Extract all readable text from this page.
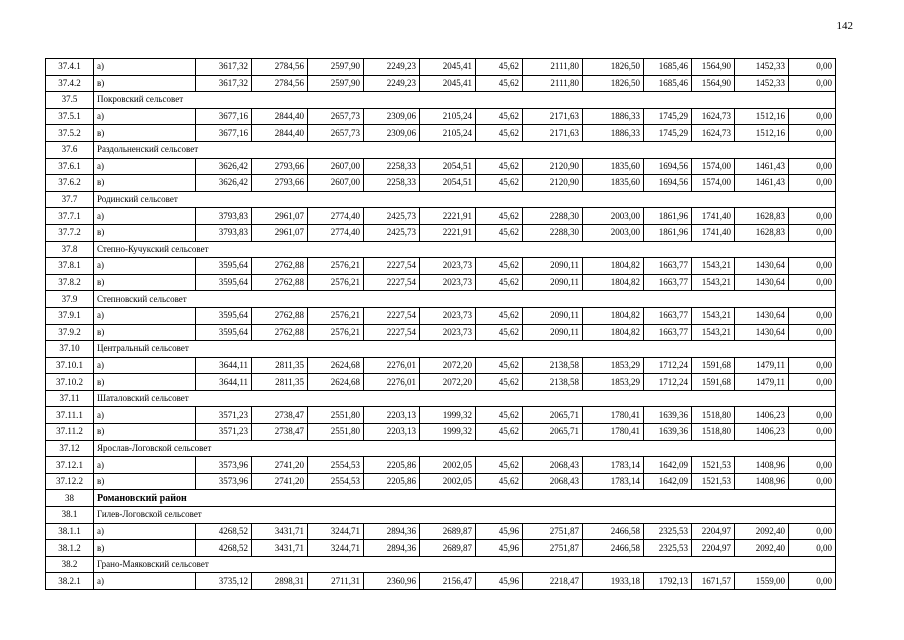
142
37.4.1	а)	3617,32	2784,56	2597,90	2249,23	2045,41	45,62	2111,80	1826,50	1685,46	1564,90	1452,33	0,00
37.4.2	в)	3617,32	2784,56	2597,90	2249,23	2045,41	45,62	2111,80	1826,50	1685,46	1564,90	1452,33	0,00
37.5	Покровский сельсовет												
37.5.1	а)	3677,16	2844,40	2657,73	2309,06	2105,24	45,62	2171,63	1886,33	1745,29	1624,73	1512,16	0,00
37.5.2	в)	3677,16	2844,40	2657,73	2309,06	2105,24	45,62	2171,63	1886,33	1745,29	1624,73	1512,16	0,00
37.6	Раздольненский сельсовет												
37.6.1	а)	3626,42	2793,66	2607,00	2258,33	2054,51	45,62	2120,90	1835,60	1694,56	1574,00	1461,43	0,00
37.6.2	в)	3626,42	2793,66	2607,00	2258,33	2054,51	45,62	2120,90	1835,60	1694,56	1574,00	1461,43	0,00
37.7	Родинский сельсовет												
37.7.1	а)	3793,83	2961,07	2774,40	2425,73	2221,91	45,62	2288,30	2003,00	1861,96	1741,40	1628,83	0,00
37.7.2	в)	3793,83	2961,07	2774,40	2425,73	2221,91	45,62	2288,30	2003,00	1861,96	1741,40	1628,83	0,00
37.8	Степно-Кучукский сельсовет												
37.8.1	а)	3595,64	2762,88	2576,21	2227,54	2023,73	45,62	2090,11	1804,82	1663,77	1543,21	1430,64	0,00
37.8.2	в)	3595,64	2762,88	2576,21	2227,54	2023,73	45,62	2090,11	1804,82	1663,77	1543,21	1430,64	0,00
37.9	Степновский сельсовет												
37.9.1	а)	3595,64	2762,88	2576,21	2227,54	2023,73	45,62	2090,11	1804,82	1663,77	1543,21	1430,64	0,00
37.9.2	в)	3595,64	2762,88	2576,21	2227,54	2023,73	45,62	2090,11	1804,82	1663,77	1543,21	1430,64	0,00
37.10	Центральный сельсовет												
37.10.1	а)	3644,11	2811,35	2624,68	2276,01	2072,20	45,62	2138,58	1853,29	1712,24	1591,68	1479,11	0,00
37.10.2	в)	3644,11	2811,35	2624,68	2276,01	2072,20	45,62	2138,58	1853,29	1712,24	1591,68	1479,11	0,00
37.11	Шаталовский сельсовет												
37.11.1	а)	3571,23	2738,47	2551,80	2203,13	1999,32	45,62	2065,71	1780,41	1639,36	1518,80	1406,23	0,00
37.11.2	в)	3571,23	2738,47	2551,80	2203,13	1999,32	45,62	2065,71	1780,41	1639,36	1518,80	1406,23	0,00
37.12	Ярослав-Логовской сельсовет												
37.12.1	а)	3573,96	2741,20	2554,53	2205,86	2002,05	45,62	2068,43	1783,14	1642,09	1521,53	1408,96	0,00
37.12.2	в)	3573,96	2741,20	2554,53	2205,86	2002,05	45,62	2068,43	1783,14	1642,09	1521,53	1408,96	0,00
38	Романовский район												
38.1	Гилев-Логовской сельсовет												
38.1.1	а)	4268,52	3431,71	3244,71	2894,36	2689,87	45,96	2751,87	2466,58	2325,53	2204,97	2092,40	0,00
38.1.2	в)	4268,52	3431,71	3244,71	2894,36	2689,87	45,96	2751,87	2466,58	2325,53	2204,97	2092,40	0,00
38.2	Грано-Маяковский сельсовет												
38.2.1	а)	3735,12	2898,31	2711,31	2360,96	2156,47	45,96	2218,47	1933,18	1792,13	1671,57	1559,00	0,00
